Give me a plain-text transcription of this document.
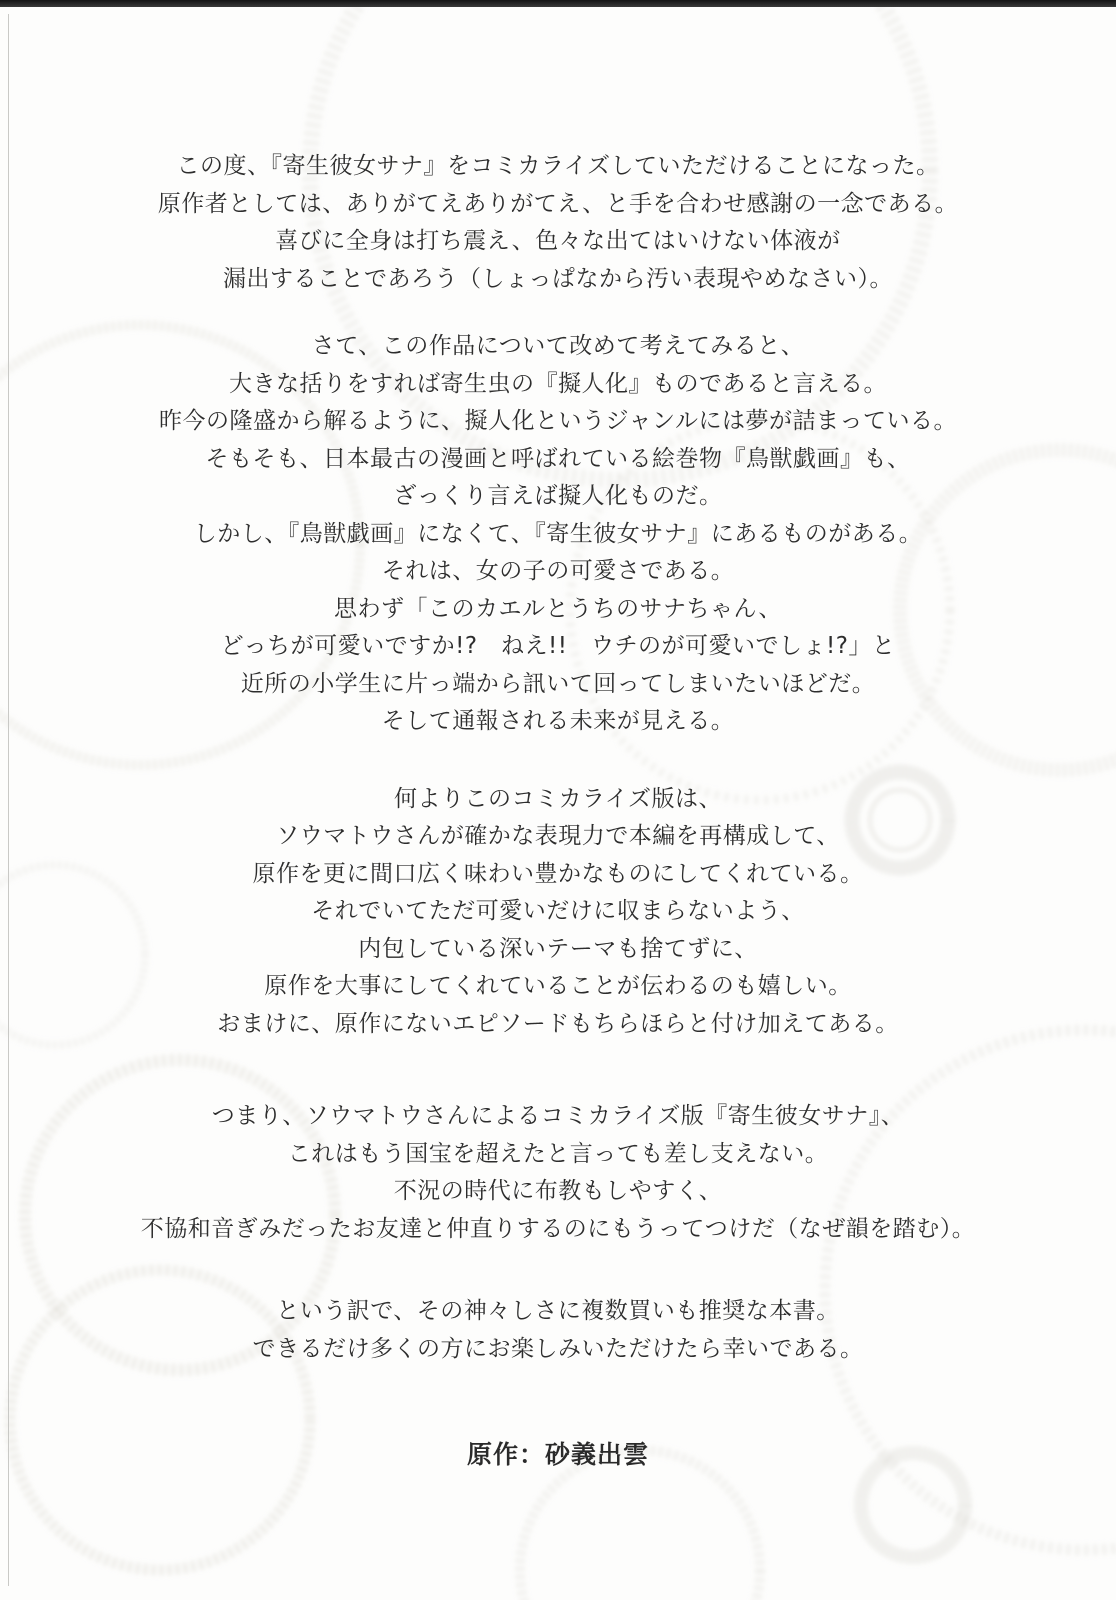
この度、『寄生彼女サナ』をコミカライズしていただけることになった。
原作者としては、ありがてえありがてえ、と手を合わせ感謝の一念である。
喜びに全身は打ち震え、色々な出てはいけない体液が
漏出することであろう（しょっぱなから汚い表現やめなさい）。

さて、この作品について改めて考えてみると、
大きな括りをすれば寄生虫の『擬人化』ものであると言える。
昨今の隆盛から解るように、擬人化というジャンルには夢が詰まっている。
そもそも、日本最古の漫画と呼ばれている絵巻物『鳥獣戯画』も、
ざっくり言えば擬人化ものだ。
しかし、『鳥獣戯画』になくて、『寄生彼女サナ』にあるものがある。
それは、女の子の可愛さである。
思わず「このカエルとうちのサナちゃん、
どっちが可愛いですか!?　ねえ!!　ウチのが可愛いでしょ!?」と
近所の小学生に片っ端から訊いて回ってしまいたいほどだ。
そして通報される未来が見える。

何よりこのコミカライズ版は、
ソウマトウさんが確かな表現力で本編を再構成して、
原作を更に間口広く味わい豊かなものにしてくれている。
それでいてただ可愛いだけに収まらないよう、
内包している深いテーマも捨てずに、
原作を大事にしてくれていることが伝わるのも嬉しい。
おまけに、原作にないエピソードもちらほらと付け加えてある。

つまり、ソウマトウさんによるコミカライズ版『寄生彼女サナ』、
これはもう国宝を超えたと言っても差し支えない。
不況の時代に布教もしやすく、
不協和音ぎみだったお友達と仲直りするのにもうってつけだ（なぜ韻を踏む）。

という訳で、その神々しさに複数買いも推奨な本書。
できるだけ多くの方にお楽しみいただけたら幸いである。

原作：砂義出雲
